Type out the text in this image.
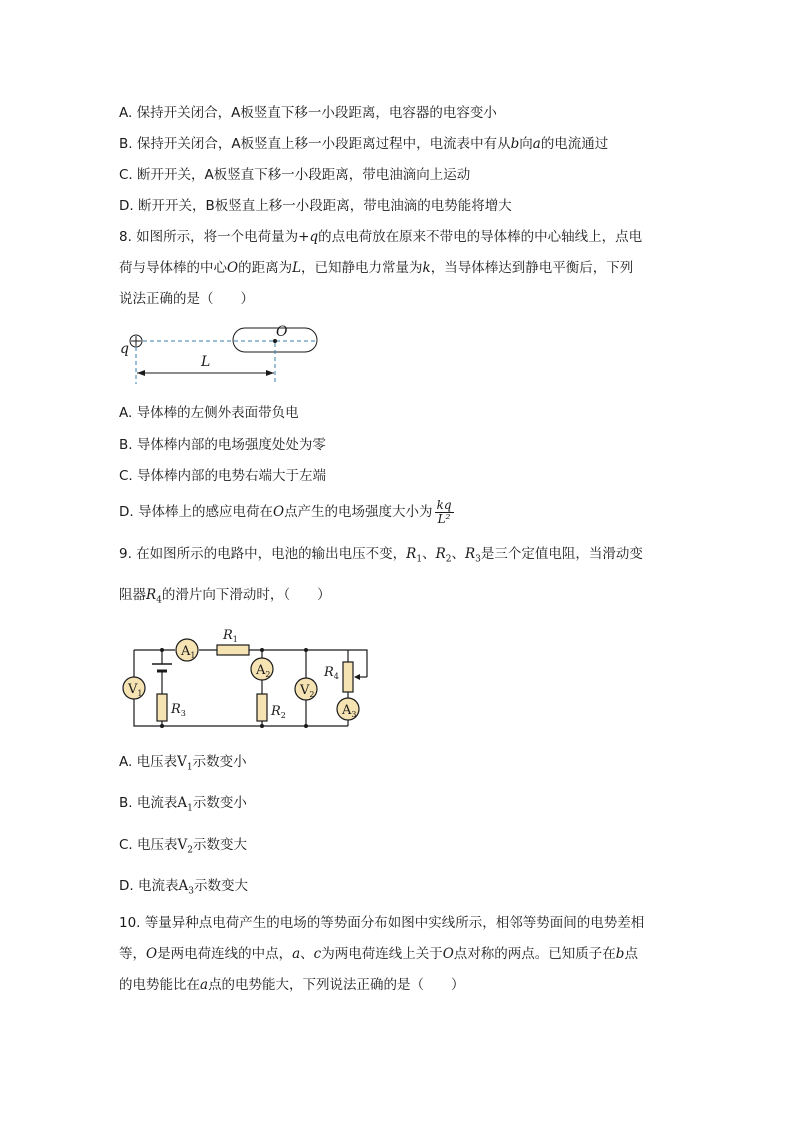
A. 保持开关闭合，A板竖直下移一小段距离，电容器的电容变小
B. 保持开关闭合，A板竖直上移一小段距离过程中，电流表中有从b向a的电流通过
C. 断开开关，A板竖直下移一小段距离，带电油滴向上运动
D. 断开开关，B板竖直上移一小段距离，带电油滴的电势能将增大
8. 如图所示，将一个电荷量为+q的点电荷放在原来不带电的导体棒的中心轴线上，点电
荷与导体棒的中心O的距离为L，已知静电力常量为k，当导体棒达到静电平衡后，下列
说法正确的是（　　）
q
O
L
A. 导体棒的左侧外表面带负电
B. 导体棒内部的电场强度处处为零
C. 导体棒内部的电势右端大于左端
D. 导体棒上的感应电荷在O点产生的电场强度大小为 $\frac{kq}{\text{L²}}$
9. 在如图所示的电路中，电池的输出电压不变，$R_1$、$R_2$、$R_3$是三个定值电阻，当滑动变
阻器$R_4$的滑片向下滑动时，（　　）
$V_1$
$A_1$
$A_2$
$V_2$
$A_3$
$R_1$
$R_3$	$R_2$
$R_4$
A. 电压表$V_1$示数变小
B. 电流表$A_1$示数变小
C. 电压表$V_2$示数变大
D. 电流表$A_3$示数变大
10. 等量异种点电荷产生的电场的等势面分布如图中实线所示，相邻等势面间的电势差相
等，O是两电荷连线的中点，a、c为两电荷连线上关于O点对称的两点。已知质子在b点
的电势能比在a点的电势能大，下列说法正确的是（　　）
